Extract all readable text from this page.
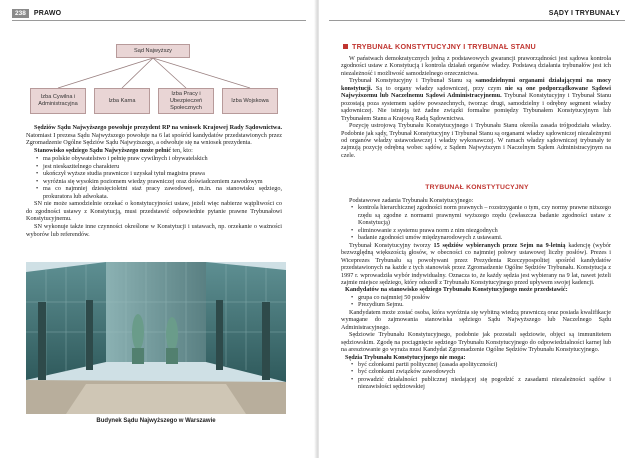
238	PRAWO
Sąd Najwyższy
Izba Cywilna i Administracyjna
Izba Karna
Izba Pracy i Ubezpieczeń Społecznych
Izba Wojskowa

Sędziów Sądu Najwyższego powołuje prezydent RP na wniosek Krajowej Rady Sądownictwa. Natomiast I prezesa Sądu Najwyższego powołuje na 6 lat spośród kandydatów przedstawionych przez Zgromadzenie Ogólne Sędziów Sądu Najwyższego, a odwołuje się na wniosek prezydenta.

Stanowisko sędziego Sądu Najwyższego może pełnić ten, kto:

• ma polskie obywatelstwo i pełnię praw cywilnych i obywatelskich
• jest nieskazitelnego charakteru
• ukończył wyższe studia prawnicze i uzyskał tytuł magistra prawa
• wyróżnia się wysokim poziomem wiedzy prawniczej oraz doświadczeniem zawodowym
• ma co najmniej dziesięcioletni staż pracy zawodowej, m.in. na stanowisku sędziego, prokuratora lub adwokata.

SN nie może samodzielnie orzekać o konstytucyjności ustaw, jeżeli więc nabierze wątpliwości co do zgodności ustawy z Konstytucją, musi przedstawić odpowiednie pytanie prawne Trybunałowi Konstytucyjnemu.

SN wykonuje także inne czynności określone w Konstytucji i ustawach, np. orzekanie o ważności wyborów lub referendów.

Budynek Sądu Najwyższego w Warszawie
SĄDY I TRYBUNAŁY
TRYBUNAŁ KONSTYTUCYJNY I TRYBUNAŁ STANU

W państwach demokratycznych jedną z podstawowych gwarancji praworządności jest sądowa kontrola zgodności ustaw z Konstytucją i kontrola działań organów władzy. Podstawą działania trybunałów jest ich niezależność i możliwość samodzielnego orzecznictwa.

Trybunał Konstytucyjny i Trybunał Stanu są samodzielnymi organami działającymi na mocy konstytucji. Są to organy władzy sądowniczej, przy czym nie są one podporządkowane Sądowi Najwyższemu lub Naczelnemu Sądowi Administracyjnemu. Trybunał Konstytucyjny i Trybunał Stanu pozostają poza systemem sądów powszechnych, tworząc drugi, samodzielny i odrębny segment władzy sądowniczej. Nie istnieją też żadne związki formalne pomiędzy Trybunałem Konstytucyjnym lub Trybunałem Stanu a Krajową Radą Sądownictwa.

Pozycję ustrojową Trybunału Konstytucyjnego i Trybunału Stanu określa zasada trójpodziału władzy. Podobnie jak sądy, Trybunał Konstytucyjny i Trybunał Stanu są organami władzy sądowniczej niezależnymi od organów władzy ustawodawczej i władzy wykonawczej. W ramach władzy sądowniczej trybunały te zajmują pozycję odrębną wobec sądów, z Sądem Najwyższym i Naczelnym Sądem Administracyjnym na czele.

TRYBUNAŁ KONSTYTUCYJNY

Podstawowe zadania Trybunału Konstytucyjnego:

• kontrola hierarchicznej zgodności norm prawnych – rozstrzyganie o tym, czy normy prawne niższego rzędu są zgodne z normami prawnymi wyższego rzędu (zwłaszcza badanie zgodności ustaw z Konstytucją)
• eliminowanie z systemu prawa norm z nim niezgodnych
• badanie zgodności umów międzynarodowych z ustawami.

Trybunał Konstytucyjny tworzy 15 sędziów wybieranych przez Sejm na 9-letnią kadencję (wybór bezwzględną większością głosów, w obecności co najmniej połowy ustawowej liczby posłów). Prezes i Wiceprezes Trybunału są powoływani przez Prezydenta Rzeczypospolitej spośród kandydatów przedstawionych na każde z tych stanowisk przez Zgromadzenie Ogólne Sędziów Trybunału. Konstytucja z 1997 r. wprowadziła wybór indywidualny. Oznacza to, że każdy sędzia jest wybierany na 9 lat, nawet jeżeli zajmie miejsce sędziego, który odszedł z Trybunału Konstytucyjnego przed upływem swojej kadencji.

Kandydatów na stanowisko sędziego Trybunału Konstytucyjnego może przedstawić:

• grupa co najmniej 50 posłów
• Prezydium Sejmu.

Kandydatem może zostać osoba, która wyróżnia się wybitną wiedzą prawniczą oraz posiada kwalifikacje wymagane do zajmowania stanowiska sędziego Sądu Najwyższego lub Naczelnego Sądu Administracyjnego.

Sędziowie Trybunału Konstytucyjnego, podobnie jak pozostali sędziowie, objęci są immunitetem sędziowskim. Zgodę na pociągnięcie sędziego Trybunału Konstytucyjnego do odpowiedzialności karnej lub na aresztowanie go wyraża musi Kandydat Zgromadzenie Ogólne Sędziów Trybunału Konstytucyjnego.

Sędzia Trybunału Konstytucyjnego nie moga:

• być członkami partii politycznej (zasada apolityczności)
• być członkami związków zawodowych
• prowadzić działalności publicznej niedającej się pogodzić z zasadami niezależności sądów i niezawisłości sędziowskiej
